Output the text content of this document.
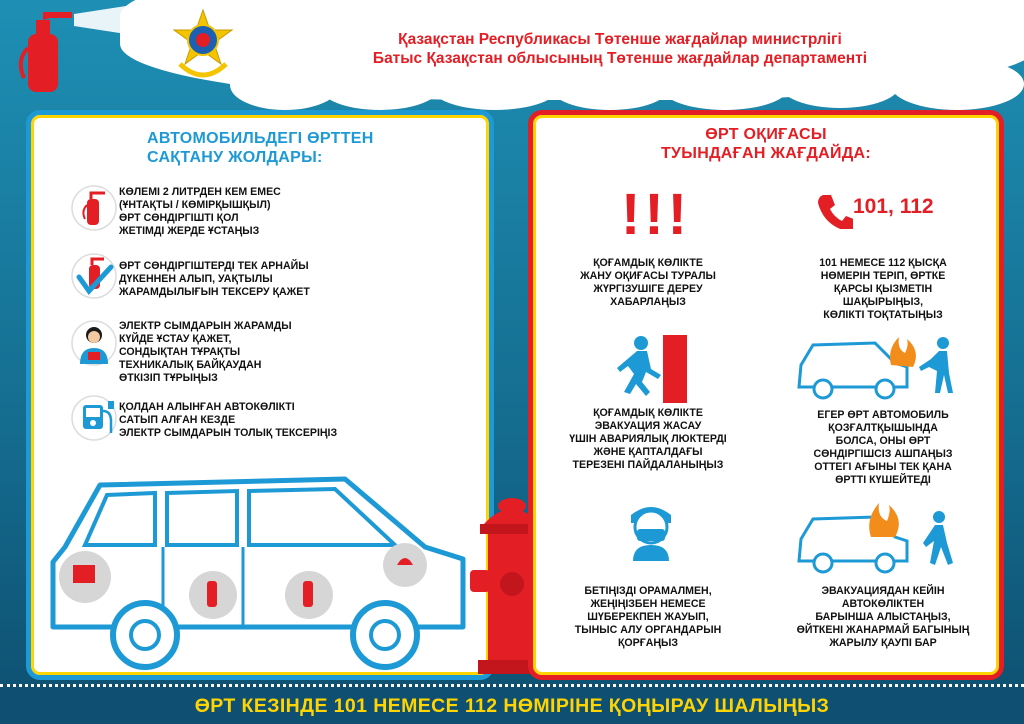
Қазақстан Республикасы Төтенше жағдайлар министрлігі
Батыс Қазақстан облысының Төтенше жағдайлар департаменті
АВТОМОБИЛЬДЕГІ ӨРТТЕН
САҚТАНУ ЖОЛДАРЫ:
КӨЛЕМІ 2 ЛИТРДЕН КЕМ ЕМЕС
(ҰНТАҚТЫ / КӨМІРҚЫШҚЫЛ)
ӨРТ СӨНДІРГІШТІ ҚОЛ
ЖЕТІМДІ ЖЕРДЕ ҰСТАҢЫЗ
ӨРТ СӨНДІРГІШТЕРДІ ТЕК АРНАЙЫ
ДҮКЕННЕН АЛЫП, УАҚТЫЛЫ
ЖАРАМДЫЛЫҒЫН ТЕКСЕРУ ҚАЖЕТ
ЭЛЕКТР СЫМДАРЫН ЖАРАМДЫ
КҮЙДЕ ҰСТАУ ҚАЖЕТ,
СОНДЫҚТАН ТҰРАҚТЫ
ТЕХНИКАЛЫҚ БАЙҚАУДАН
ӨТКІЗІП ТҰРЫҢЫЗ
ҚОЛДАН АЛЫНҒАН АВТОКӨЛІКТІ
САТЫП АЛҒАН КЕЗДЕ
ЭЛЕКТР СЫМДАРЫН ТОЛЫҚ ТЕКСЕРІҢІЗ
ӨРТ ОҚИҒАСЫ
ТУЫНДАҒАН ЖАҒДАЙДА:
!!!
ҚОҒАМДЫҚ КӨЛІКТЕ
ЖАНУ ОҚИҒАСЫ ТУРАЛЫ
ЖҮРГІЗУШІГЕ ДЕРЕУ
ХАБАРЛАҢЫЗ
101, 112
101 НЕМЕСЕ 112 ҚЫСҚА
НӨМЕРІН ТЕРІП, ӨРТКЕ
ҚАРСЫ ҚЫЗМЕТІН
ШАҚЫРЫҢЫЗ,
КӨЛІКТІ ТОҚТАТЫҢЫЗ
ҚОҒАМДЫҚ КӨЛІКТЕ
ЭВАКУАЦИЯ ЖАСАУ
ҮШІН АВАРИЯЛЫҚ ЛЮКТЕРДІ
ЖӘНЕ ҚАПТАЛДАҒЫ
ТЕРЕЗЕНІ ПАЙДАЛАНЫҢЫЗ
ЕГЕР ӨРТ АВТОМОБИЛЬ
ҚОЗҒАЛТҚЫШЫНДА
БОЛСА, ОНЫ ӨРТ
СӨНДІРГІШСІЗ АШПАҢЫЗ
ОТТЕГІ АҒЫНЫ ТЕК ҚАНА
ӨРТТІ КҮШЕЙТЕДІ
БЕТІҢІЗДІ ОРАМАЛМЕН,
ЖЕҢІҢІЗБЕН НЕМЕСЕ
ШҮБЕРЕКПЕН ЖАУЫП,
ТЫНЫС АЛУ ОРГАНДАРЫН
ҚОРҒАҢЫЗ
ЭВАКУАЦИЯДАН КЕЙІН
АВТОКӨЛІКТЕН
БАРЫНША АЛЫСТАҢЫЗ,
ӨЙТКЕНІ ЖАНАРМАЙ БАГЫНЫҢ
ЖАРЫЛУ ҚАУПІ БАР
ӨРТ КЕЗІНДЕ 101 НЕМЕСЕ 112 НӨМІРІНЕ ҚОҢЫРАУ ШАЛЫҢЫЗ
